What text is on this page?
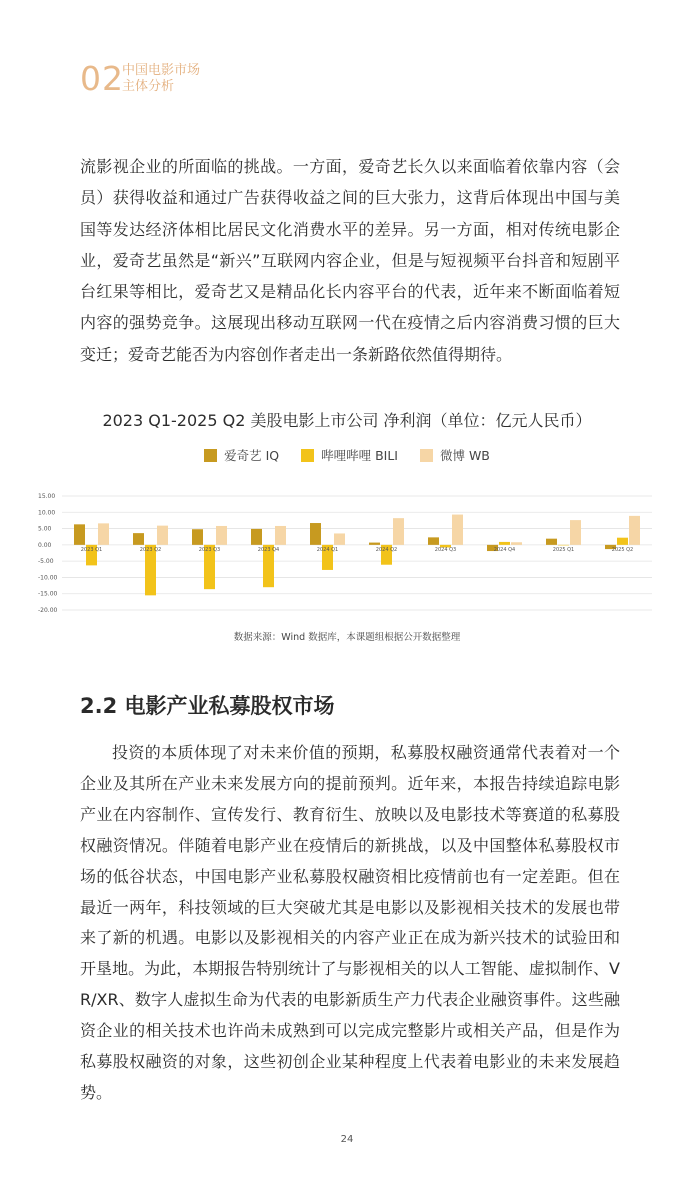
02
中国电影市场
主体分析
流影视企业的所面临的挑战。一方面，爱奇艺长久以来面临着依靠内容（会员）获得收益和通过广告获得收益之间的巨大张力，这背后体现出中国与美国等发达经济体相比居民文化消费水平的差异。另一方面，相对传统电影企业，爱奇艺虽然是“新兴”互联网内容企业，但是与短视频平台抖音和短剧平台红果等相比，爱奇艺又是精品化长内容平台的代表，近年来不断面临着短内容的强势竞争。这展现出移动互联网一代在疫情之后内容消费习惯的巨大变迁；爱奇艺能否为内容创作者走出一条新路依然值得期待。
2023 Q1-2025 Q2 美股电影上市公司 净利润（单位：亿元人民币）
爱奇艺 IQ	哔哩哔哩 BILI	微博 WB
15.00
10.00
5.00
0.00
-5.00
-10.00
-15.00
-20.00
2023 Q1	2023 Q2	2023 Q3	2023 Q4	2024 Q1	2024 Q2	2024 Q3	2024 Q4	2025 Q1	2025 Q2
数据来源：Wind 数据库，本课题组根据公开数据整理
2.2 电影产业私募股权市场
投资的本质体现了对未来价值的预期，私募股权融资通常代表着对一个企业及其所在产业未来发展方向的提前预判。近年来，本报告持续追踪电影产业在内容制作、宣传发行、教育衍生、放映以及电影技术等赛道的私募股权融资情况。伴随着电影产业在疫情后的新挑战，以及中国整体私募股权市场的低谷状态，中国电影产业私募股权融资相比疫情前也有一定差距。但在最近一两年，科技领域的巨大突破尤其是电影以及影视相关技术的发展也带来了新的机遇。电影以及影视相关的内容产业正在成为新兴技术的试验田和开垦地。为此，本期报告特别统计了与影视相关的以人工智能、虚拟制作、VR/XR、数字人虚拟生命为代表的电影新质生产力代表企业融资事件。这些融资企业的相关技术也许尚未成熟到可以完成完整影片或相关产品，但是作为私募股权融资的对象，这些初创企业某种程度上代表着电影业的未来发展趋势。
24
